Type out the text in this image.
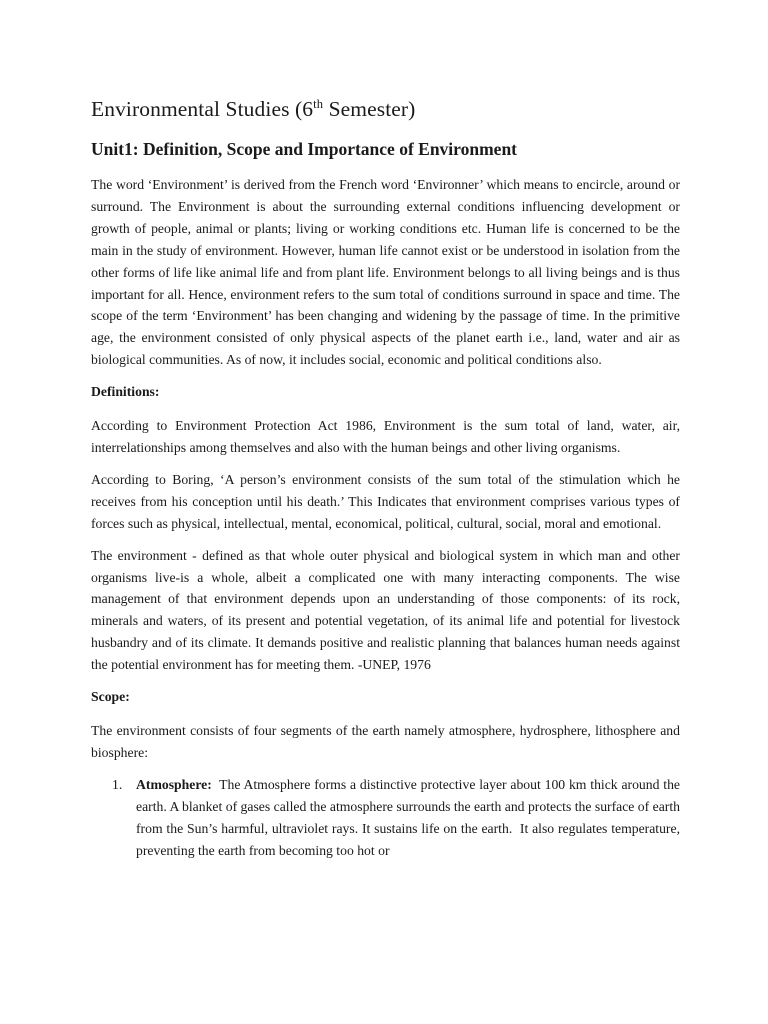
Environmental Studies (6th Semester)
Unit1: Definition, Scope and Importance of Environment

The word ‘Environment’ is derived from the French word ‘Environner’ which means to encircle, around or surround. The Environment is about the surrounding external conditions influencing development or growth of people, animal or plants; living or working conditions etc. Human life is concerned to be the main in the study of environment. However, human life cannot exist or be understood in isolation from the other forms of life like animal life and from plant life. Environment belongs to all living beings and is thus important for all. Hence, environment refers to the sum total of conditions surround in space and time. The scope of the term ‘Environment’ has been changing and widening by the passage of time. In the primitive age, the environment consisted of only physical aspects of the planet earth i.e., land, water and air as biological communities. As of now, it includes social, economic and political conditions also.

Definitions:

According to Environment Protection Act 1986, Environment is the sum total of land, water, air, interrelationships among themselves and also with the human beings and other living organisms.

According to Boring, ‘A person’s environment consists of the sum total of the stimulation which he receives from his conception until his death.’ This Indicates that environment comprises various types of forces such as physical, intellectual, mental, economical, political, cultural, social, moral and emotional.

The environment - defined as that whole outer physical and biological system in which man and other organisms live-is a whole, albeit a complicated one with many interacting components. The wise management of that environment depends upon an understanding of those components: of its rock, minerals and waters, of its present and potential vegetation, of its animal life and potential for livestock husbandry and of its climate. It demands positive and realistic planning that balances human needs against the potential environment has for meeting them. -UNEP, 1976

Scope:

The environment consists of four segments of the earth namely atmosphere, hydrosphere, lithosphere and biosphere:

1. Atmosphere:  The Atmosphere forms a distinctive protective layer about 100 km thick around the earth. A blanket of gases called the atmosphere surrounds the earth and protects the surface of earth from the Sun’s harmful, ultraviolet rays. It sustains life on the earth.  It also regulates temperature, preventing the earth from becoming too hot or
